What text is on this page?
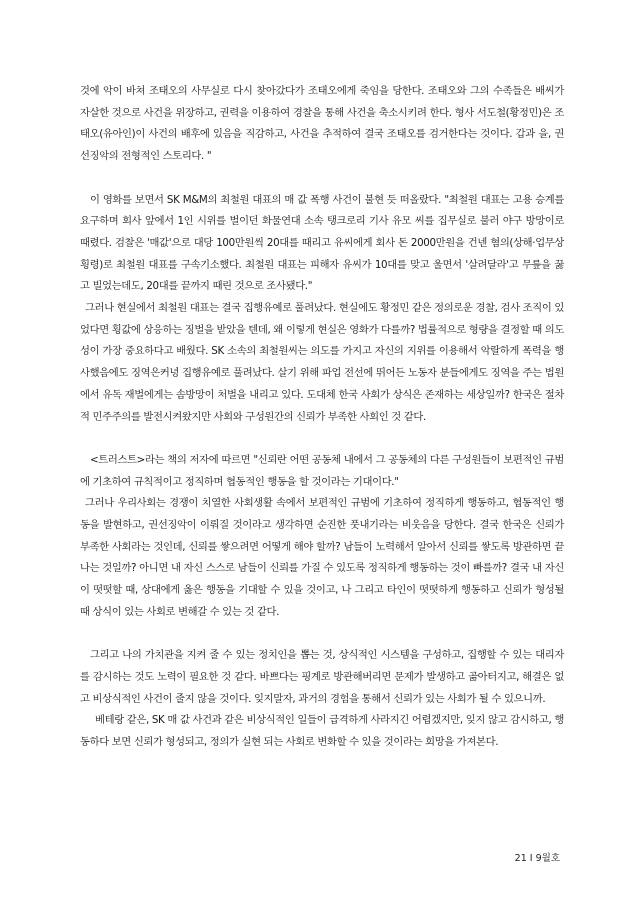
것에 악이 바쳐 조태오의 사무실로 다시 찾아갔다가 조태오에게 죽임을 당한다. 조태오와 그의 수족들은 배씨가 자살한 것으로 사건을 위장하고, 권력을 이용하여 경찰을 통해 사건을 축소시키려 한다. 형사 서도철(황정민)은 조태오(유아인)이 사건의 배후에 있음을 직감하고, 사건을 추적하여 결국 조태오를 검거한다는 것이다. 갑과 을, 권선징악의 전형적인 스토리다. "

이 영화를 보면서 SK M&M의 최철원 대표의 매 값 폭행 사건이 불현 듯 떠올랐다. "최철원 대표는 고용 승계를 요구하며 회사 앞에서 1인 시위를 벌이던 화물연대 소속 탱크로리 기사 유모 씨를 집무실로 불러 야구 방망이로 때렸다. 검찰은 '매값'으로 대당 100만원씩 20대를 때리고 유씨에게 회사 돈 2000만원을 건넨 혐의(상해·업무상 횡령)로 최철원 대표를 구속기소했다. 최철원 대표는 피해자 유씨가 10대를 맞고 울면서 '살려달라'고 무릎을 꿇고 빌었는데도, 20대를 끝까지 때린 것으로 조사됐다."

그러나 현실에서 최철원 대표는 결국 집행유예로 풀려났다. 현실에도 황정민 같은 정의로운 경찰, 검사 조직이 있었다면 횡값에 상응하는 징벌을 받았을 텐데, 왜 이렇게 현실은 영화가 다를까? 법률적으로 형량을 결정할 때 의도성이 가장 중요하다고 배웠다. SK 소속의 최철원씨는 의도를 가지고 자신의 지위를 이용해서 악랄하게 폭력을 행사했음에도 징역은커녕 집행유예로 풀려났다. 살기 위해 파업 전선에 뛰어든 노동자 분들에게도 징역을 주는 법원에서 유독 재벌에게는 솜방망이 처벌을 내리고 있다. 도대체 한국 사회가 상식은 존재하는 세상일까? 한국은 절차적 민주주의를 발전시켜왔지만 사회와 구성원간의 신뢰가 부족한 사회인 것 같다.

<트러스트>라는 책의 저자에 따르면 "신뢰란 어떤 공동체 내에서 그 공동체의 다른 구성원들이 보편적인 규범에 기초하여 규칙적이고 정직하며 협동적인 행동을 할 것이라는 기대이다."

그러나 우리사회는 경쟁이 치열한 사회생활 속에서 보편적인 규범에 기초하여 정직하게 행동하고, 협동적인 행동을 발현하고, 권선징악이 이뤄질 것이라고 생각하면 순진한 풋내기라는 비웃음을 당한다. 결국 한국은 신뢰가 부족한 사회라는 것인데, 신뢰를 쌓으려면 어떻게 해야 할까? 남들이 노력해서 알아서 신뢰를 쌓도록 방관하면 끝나는 것일까? 아니면 내 자신 스스로 남들이 신뢰를 가질 수 있도록 정직하게 행동하는 것이 빠를까? 결국 내 자신이 떳떳할 때, 상대에게 옳은 행동을 기대할 수 있을 것이고, 나 그리고 타인이 떳떳하게 행동하고 신뢰가 형성될 때 상식이 있는 사회로 변해갈 수 있는 것 같다.

그리고 나의 가치관을 지켜 줄 수 있는 정치인을 뽑는 것, 상식적인 시스템을 구성하고, 집행할 수 있는 대리자를 감시하는 것도 노력이 필요한 것 같다. 바쁘다는 핑계로 방관해버리면 문제가 발생하고 곪아터지고, 해결은 없고 비상식적인 사건이 줄지 않을 것이다. 잊지말자, 과거의 경험을 통해서 신뢰가 있는 사회가 될 수 있으니까.

베테랑 같은, SK 매 값 사건과 같은 비상식적인 일들이 급격하게 사라지긴 어렵겠지만, 잊지 않고 감시하고, 행동하다 보면 신뢰가 형성되고, 정의가 실현 되는 사회로 변화할 수 있을 것이라는 희망을 가져본다.

21 I 9월호
